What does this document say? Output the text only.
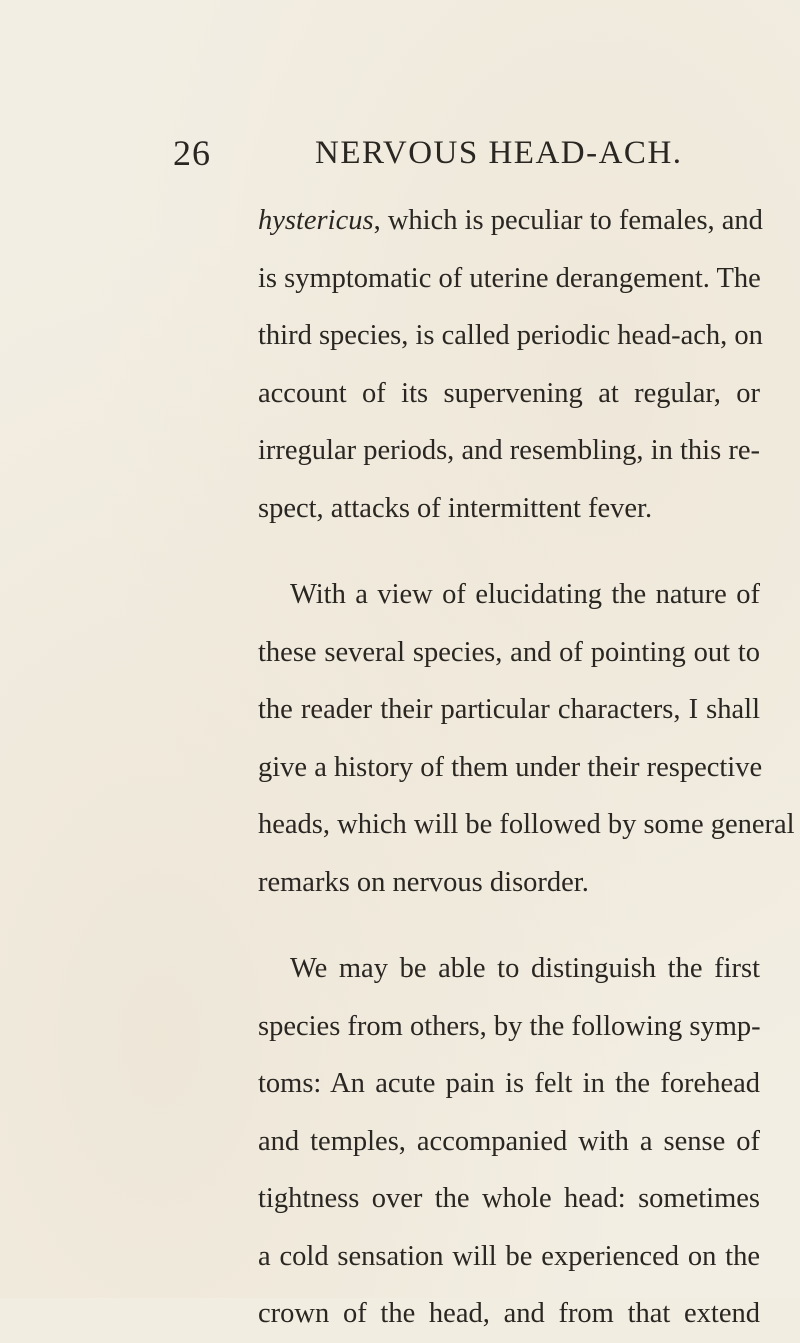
26	NERVOUS HEAD-ACH.

hystericus, which is peculiar to females, and
is symptomatic of uterine derangement. The
third species, is called periodic head-ach, on
account of its supervening at regular, or
irregular periods, and resembling, in this re-
spect, attacks of intermittent fever.

With a view of elucidating the nature of
these several species, and of pointing out to
the reader their particular characters, I shall
give a history of them under their respective
heads, which will be followed by some general
remarks on nervous disorder.

We may be able to distinguish the first
species from others, by the following symp-
toms: An acute pain is felt in the forehead
and temples, accompanied with a sense of
tightness over the whole head: sometimes
a cold sensation will be experienced on the
crown of the head, and from that extend
